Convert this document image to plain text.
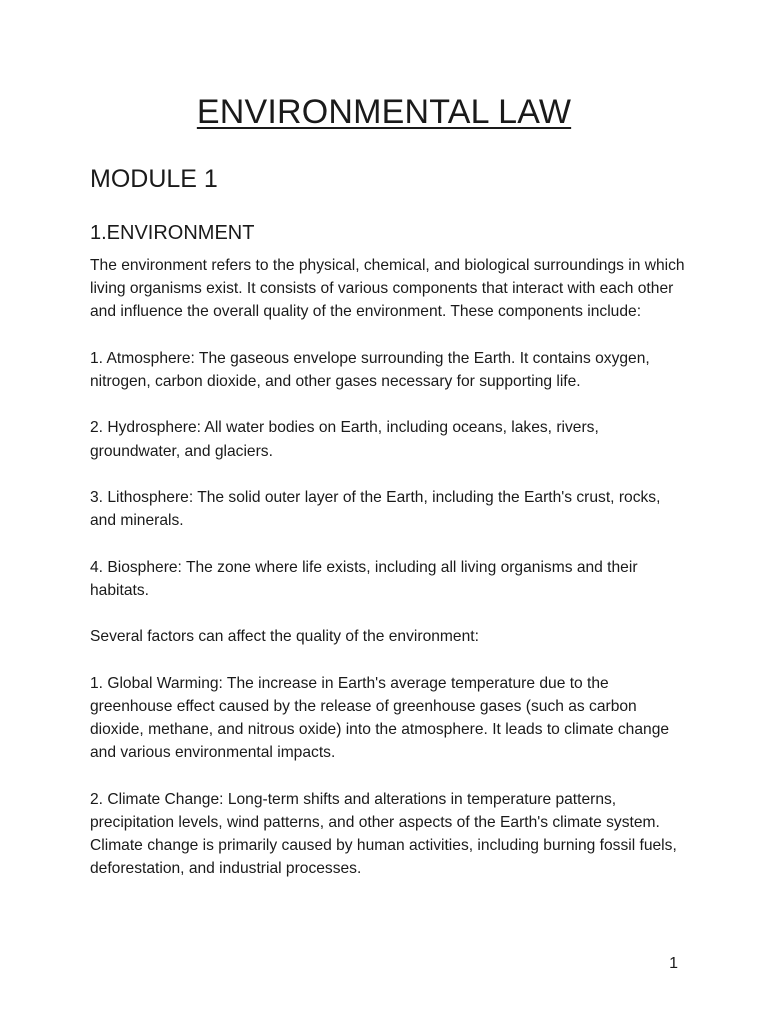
ENVIRONMENTAL LAW
MODULE 1
1.ENVIRONMENT

The environment refers to the physical, chemical, and biological surroundings in which living organisms exist. It consists of various components that interact with each other and influence the overall quality of the environment. These components include:

1. Atmosphere: The gaseous envelope surrounding the Earth. It contains oxygen, nitrogen, carbon dioxide, and other gases necessary for supporting life.

2. Hydrosphere: All water bodies on Earth, including oceans, lakes, rivers, groundwater, and glaciers.

3. Lithosphere: The solid outer layer of the Earth, including the Earth's crust, rocks, and minerals.

4. Biosphere: The zone where life exists, including all living organisms and their habitats.

Several factors can affect the quality of the environment:

1. Global Warming: The increase in Earth's average temperature due to the greenhouse effect caused by the release of greenhouse gases (such as carbon dioxide, methane, and nitrous oxide) into the atmosphere. It leads to climate change and various environmental impacts.

2. Climate Change: Long-term shifts and alterations in temperature patterns, precipitation levels, wind patterns, and other aspects of the Earth's climate system. Climate change is primarily caused by human activities, including burning fossil fuels, deforestation, and industrial processes.

1
